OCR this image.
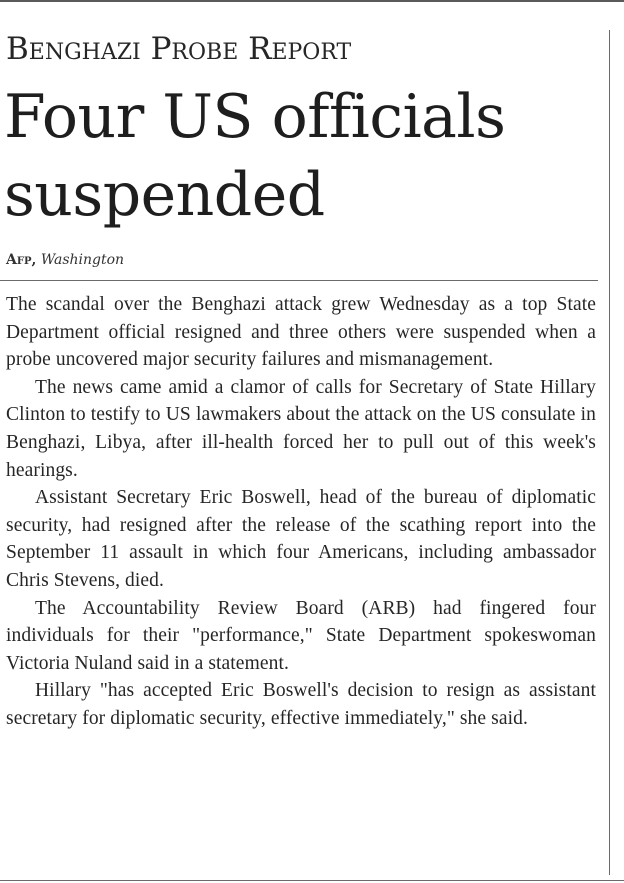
Benghazi Probe Report
Four US officials suspended
Afp, Washington

The scandal over the Benghazi attack grew Wednesday as a top State Department official resigned and three others were suspended when a probe uncovered major security failures and mismanagement.

The news came amid a clamor of calls for Secretary of State Hillary Clinton to testify to US lawmakers about the attack on the US consulate in Benghazi, Libya, after ill-health forced her to pull out of this week's hearings.

Assistant Secretary Eric Boswell, head of the bureau of diplomatic security, had resigned after the release of the scathing report into the September 11 assault in which four Americans, including ambassador Chris Stevens, died.

The Accountability Review Board (ARB) had fingered four individuals for their "performance," State Department spokeswoman Victoria Nuland said in a statement.

Hillary "has accepted Eric Boswell's decision to resign as assistant secretary for diplomatic security, effective immediately," she said.
